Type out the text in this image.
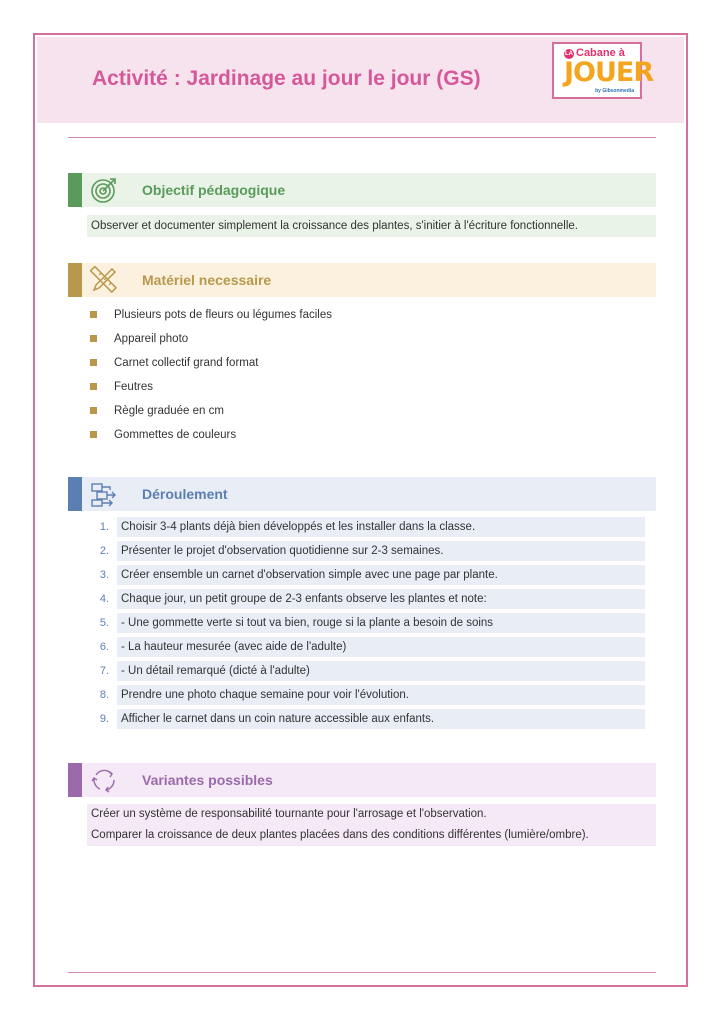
Activité : Jardinage au jour le jour (GS)
LA Cabane à
JOUER
by Gibsonmedia
Objectif pédagogique
Observer et documenter simplement la croissance des plantes, s'initier à l'écriture fonctionnelle.
Matériel necessaire
Plusieurs pots de fleurs ou légumes faciles
Appareil photo
Carnet collectif grand format
Feutres
Règle graduée en cm
Gommettes de couleurs
Déroulement
1.	Choisir 3-4 plants déjà bien développés et les installer dans la classe.
2.	Présenter le projet d'observation quotidienne sur 2-3 semaines.
3.	Créer ensemble un carnet d'observation simple avec une page par plante.
4.	Chaque jour, un petit groupe de 2-3 enfants observe les plantes et note:
5.	- Une gommette verte si tout va bien, rouge si la plante a besoin de soins
6.	- La hauteur mesurée (avec aide de l'adulte)
7.	- Un détail remarqué (dicté à l'adulte)
8.	Prendre une photo chaque semaine pour voir l'évolution.
9.	Afficher le carnet dans un coin nature accessible aux enfants.
Variantes possibles

Créer un système de responsabilité tournante pour l'arrosage et l'observation.

Comparer la croissance de deux plantes placées dans des conditions différentes (lumière/ombre).
